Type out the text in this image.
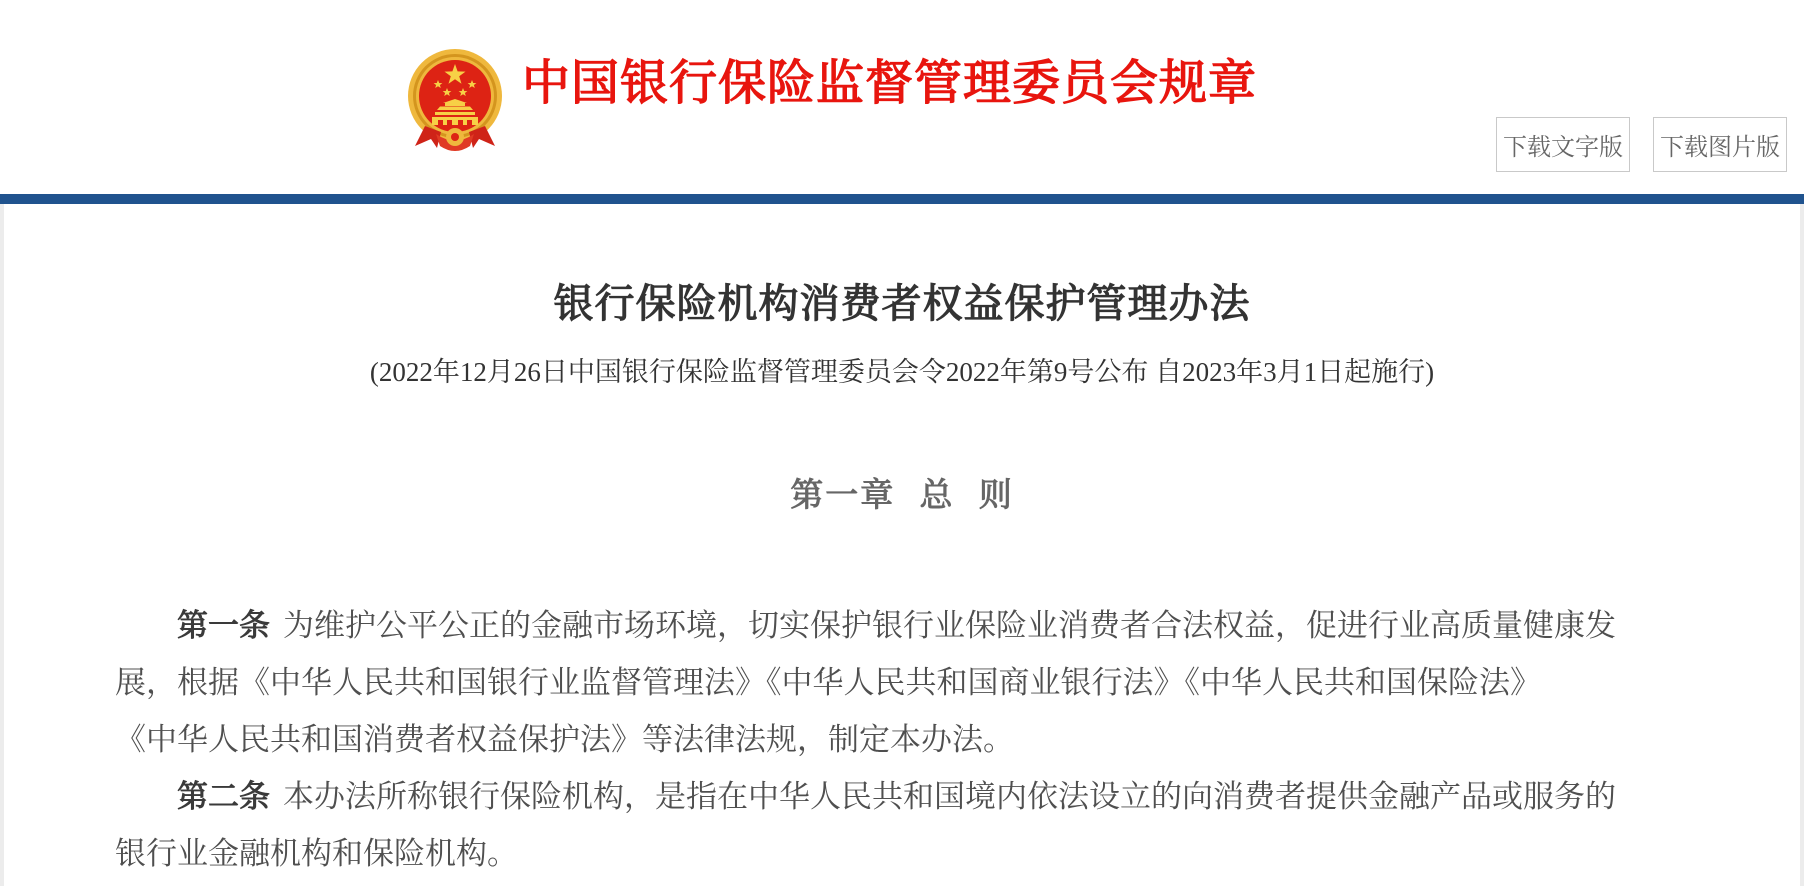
中国银行保险监督管理委员会规章
下载文字版 下载图片版
银行保险机构消费者权益保护管理办法
(2022年12月26日中国银行保险监督管理委员会令2022年第9号公布 自2023年3月1日起施行)
第一章 总 则
第一条 为维护公平公正的金融市场环境，切实保护银行业保险业消费者合法权益，促进行业高质量健康发
展，根据《中华人民共和国银行业监督管理法》《中华人民共和国商业银行法》《中华人民共和国保险法》
《中华人民共和国消费者权益保护法》等法律法规，制定本办法。
第二条 本办法所称银行保险机构，是指在中华人民共和国境内依法设立的向消费者提供金融产品或服务的
银行业金融机构和保险机构。
